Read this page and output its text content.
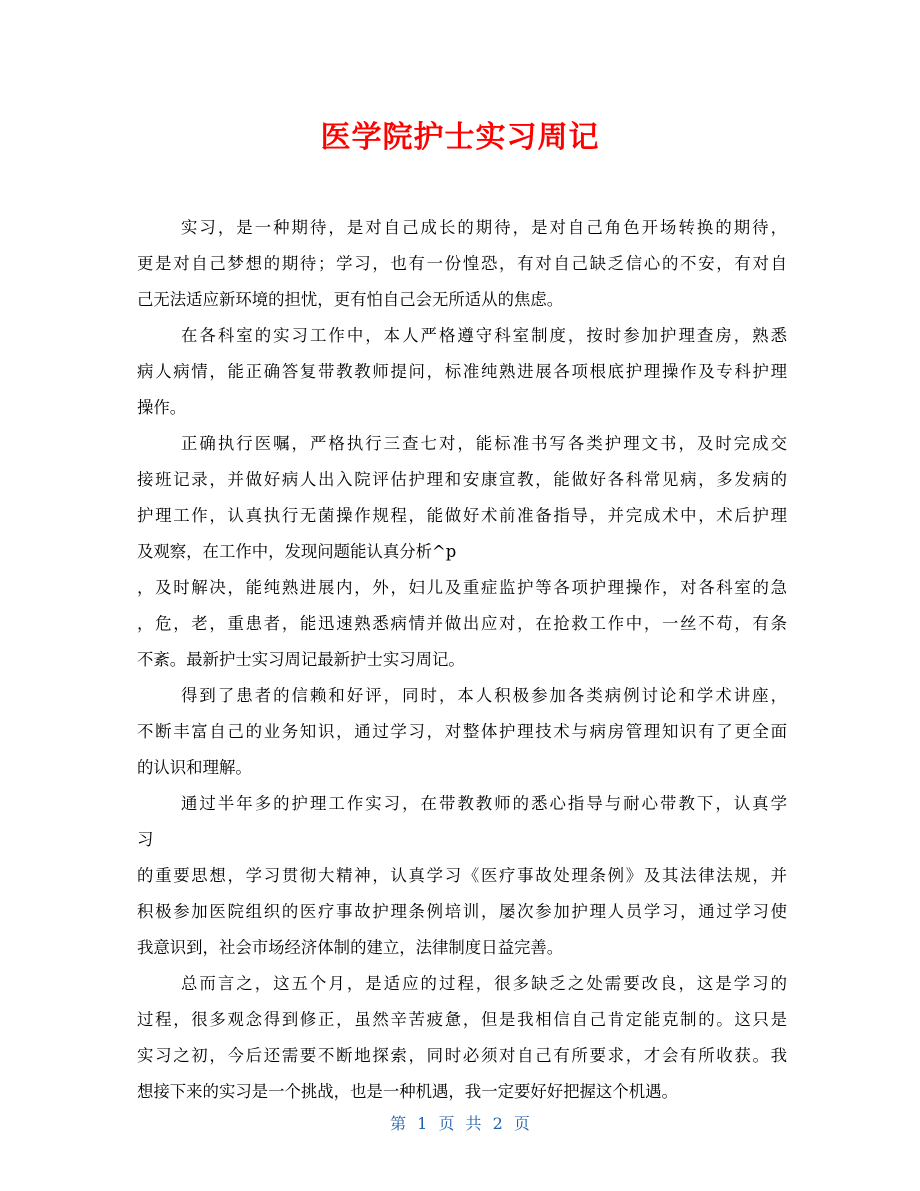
医学院护士实习周记

实习，是一种期待，是对自己成长的期待，是对自己角色开场转换的期待，

更是对自己梦想的期待；学习，也有一份惶恐，有对自己缺乏信心的不安，有对自

己无法适应新环境的担忧，更有怕自己会无所适从的焦虑。

在各科室的实习工作中，本人严格遵守科室制度，按时参加护理查房，熟悉

病人病情，能正确答复带教教师提问，标准纯熟进展各项根底护理操作及专科护理

操作。

正确执行医嘱，严格执行三查七对，能标准书写各类护理文书，及时完成交

接班记录，并做好病人出入院评估护理和安康宣教，能做好各科常见病，多发病的

护理工作，认真执行无菌操作规程，能做好术前准备指导，并完成术中，术后护理

及观察，在工作中，发现问题能认真分析^p

，及时解决，能纯熟进展内，外，妇儿及重症监护等各项护理操作，对各科室的急

，危，老，重患者，能迅速熟悉病情并做出应对，在抢救工作中，一丝不苟，有条

不紊。最新护士实习周记最新护士实习周记。

得到了患者的信赖和好评，同时，本人积极参加各类病例讨论和学术讲座，

不断丰富自己的业务知识，通过学习，对整体护理技术与病房管理知识有了更全面

的认识和理解。

通过半年多的护理工作实习，在带教教师的悉心指导与耐心带教下，认真学

习

的重要思想，学习贯彻大精神，认真学习《医疗事故处理条例》及其法律法规，并

积极参加医院组织的医疗事故护理条例培训，屡次参加护理人员学习，通过学习使

我意识到，社会市场经济体制的建立，法律制度日益完善。

总而言之，这五个月，是适应的过程，很多缺乏之处需要改良，这是学习的

过程，很多观念得到修正，虽然辛苦疲惫，但是我相信自己肯定能克制的。这只是

实习之初，今后还需要不断地探索，同时必须对自己有所要求，才会有所收获。我

想接下来的实习是一个挑战，也是一种机遇，我一定要好好把握这个机遇。

第 1 页 共 2 页
